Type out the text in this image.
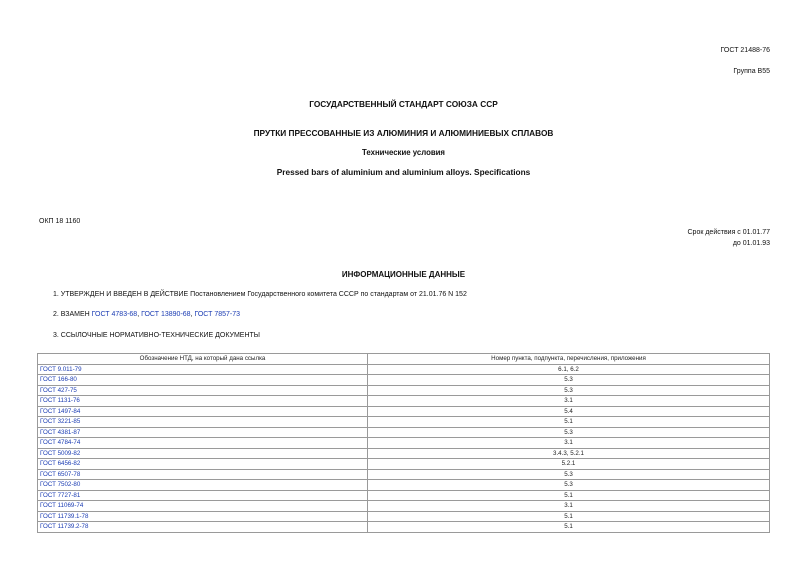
ГОСТ 21488-76
Группа В55
ГОСУДАРСТВЕННЫЙ СТАНДАРТ СОЮЗА ССР
ПРУТКИ ПРЕССОВАННЫЕ ИЗ АЛЮМИНИЯ И АЛЮМИНИЕВЫХ СПЛАВОВ
Технические условия
Pressed bars of aluminium and aluminium alloys. Specifications
ОКП 18 1160
Срок действия с 01.01.77
до 01.01.93
ИНФОРМАЦИОННЫЕ ДАННЫЕ
1. УТВЕРЖДЕН И ВВЕДЕН В ДЕЙСТВИЕ Постановлением Государственного комитета СССР по стандартам от 21.01.76 N 152
2. ВЗАМЕН ГОСТ 4783-68, ГОСТ 13890-68, ГОСТ 7857-73
3. ССЫЛОЧНЫЕ НОРМАТИВНО-ТЕХНИЧЕСКИЕ ДОКУМЕНТЫ
Обозначение НТД, на который дана ссылка	Номер пункта, подпункта, перечисления, приложения
ГОСТ 9.011-79	6.1, 6.2
ГОСТ 166-80	5.3
ГОСТ 427-75	5.3
ГОСТ 1131-76	3.1
ГОСТ 1497-84	5.4
ГОСТ 3221-85	5.1
ГОСТ 4381-87	5.3
ГОСТ 4784-74	3.1
ГОСТ 5009-82	3.4.3, 5.2.1
ГОСТ 6456-82	5.2.1
ГОСТ 6507-78	5.3
ГОСТ 7502-80	5.3
ГОСТ 7727-81	5.1
ГОСТ 11069-74	3.1
ГОСТ 11739.1-78	5.1
ГОСТ 11739.2-78	5.1
